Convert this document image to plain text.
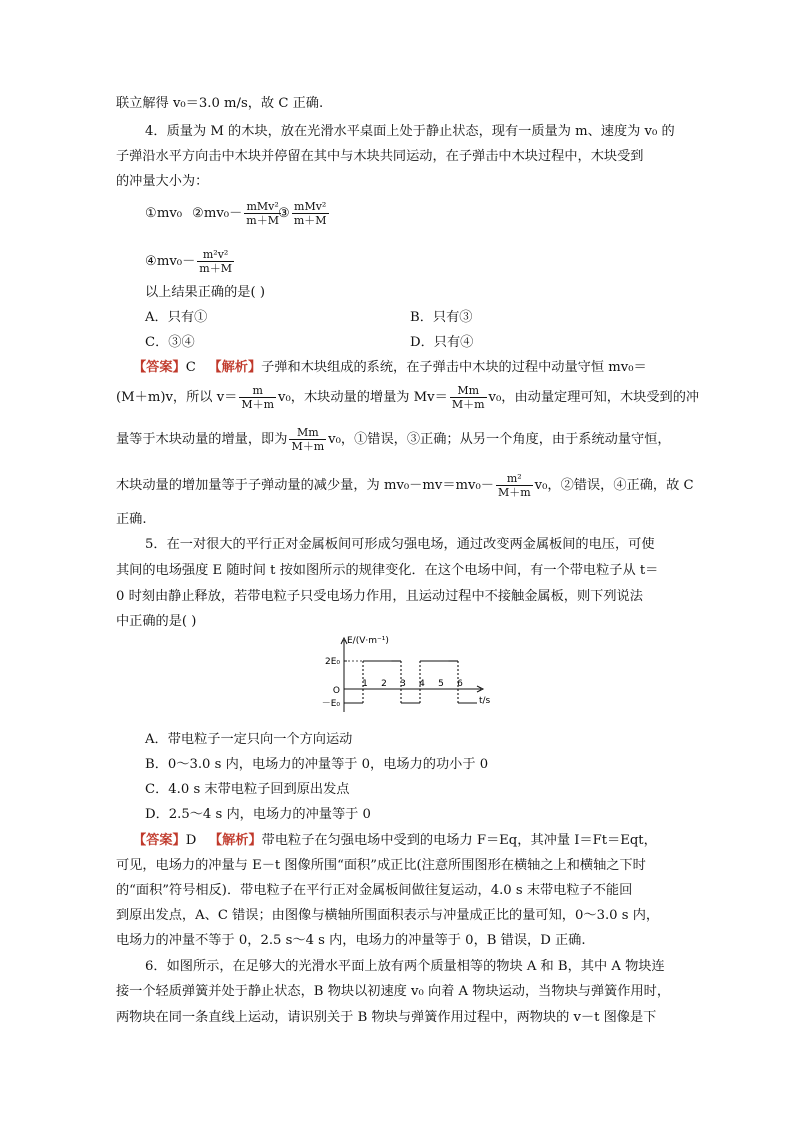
联立解得 v₀＝3.0 m/s，故 C 正确.
4．质量为 M 的木块，放在光滑水平桌面上处于静止状态，现有一质量为 m、速度为 v₀ 的
子弹沿水平方向击中木块并停留在其中与木块共同运动，在子弹击中木块过程中，木块受到
的冲量大小为：
①mv₀ ②mv₀－ $\frac{\text{mMv²}}{m+M}$
③ $\frac{\text{mMv²}}{m+M}$
④mv₀－ $\frac{\text{m²v²}}{m+M}$
以上结果正确的是( )
A．只有①	B．只有③
C．③④	D．只有④
【答案】C 【解析】子弹和木块组成的系统，在子弹击中木块的过程中动量守恒 mv₀＝
(M＋m)v，所以 $v= \frac{m}{M+m} v_0$，木块动量的增量为 $Mv= \frac{Mm}{M+m} v_0$，由动量定理可知，木块受到的冲
量等于木块动量的增量，即为 $\frac{Mm}{M+m} v_0$，①错误，③正确；从另一个角度，由于系统动量守恒，
木块动量的增加量等于子弹动量的减少量，为 $mv_0-mv=mv_0- \frac{\text{m²}}{M+m} v_0$，②错误，④正确，故 C
正确.
5．在一对很大的平行正对金属板间可形成匀强电场，通过改变两金属板间的电压，可使
其间的电场强度 E 随时间 t 按如图所示的规律变化．在这个电场中间，有一个带电粒子从 t＝
0 时刻由静止释放，若带电粒子只受电场力作用，且运动过程中不接触金属板，则下列说法
中正确的是( )
E/(V·m⁻¹)
t/s
2E₀
O
－E₀
1 2 3 4 5 6
A．带电粒子一定只向一个方向运动
B．0～3.0 s 内，电场力的冲量等于 0，电场力的功小于 0
C．4.0 s 末带电粒子回到原出发点
D．2.5～4 s 内，电场力的冲量等于 0
【答案】D 【解析】带电粒子在匀强电场中受到的电场力 F＝Eq，其冲量 I＝Ft＝Eqt，
可见，电场力的冲量与 E－t 图像所围“面积”成正比(注意所围图形在横轴之上和横轴之下时
的“面积”符号相反)．带电粒子在平行正对金属板间做往复运动，4.0 s 末带电粒子不能回
到原出发点，A、C 错误；由图像与横轴所围面积表示与冲量成正比的量可知，0～3.0 s 内，
电场力的冲量不等于 0，2.5 s～4 s 内，电场力的冲量等于 0，B 错误，D 正确.
6．如图所示，在足够大的光滑水平面上放有两个质量相等的物块 A 和 B，其中 A 物块连
接一个轻质弹簧并处于静止状态，B 物块以初速度 v₀ 向着 A 物块运动，当物块与弹簧作用时，
两物块在同一条直线上运动，请识别关于 B 物块与弹簧作用过程中，两物块的 v－t 图像是下
